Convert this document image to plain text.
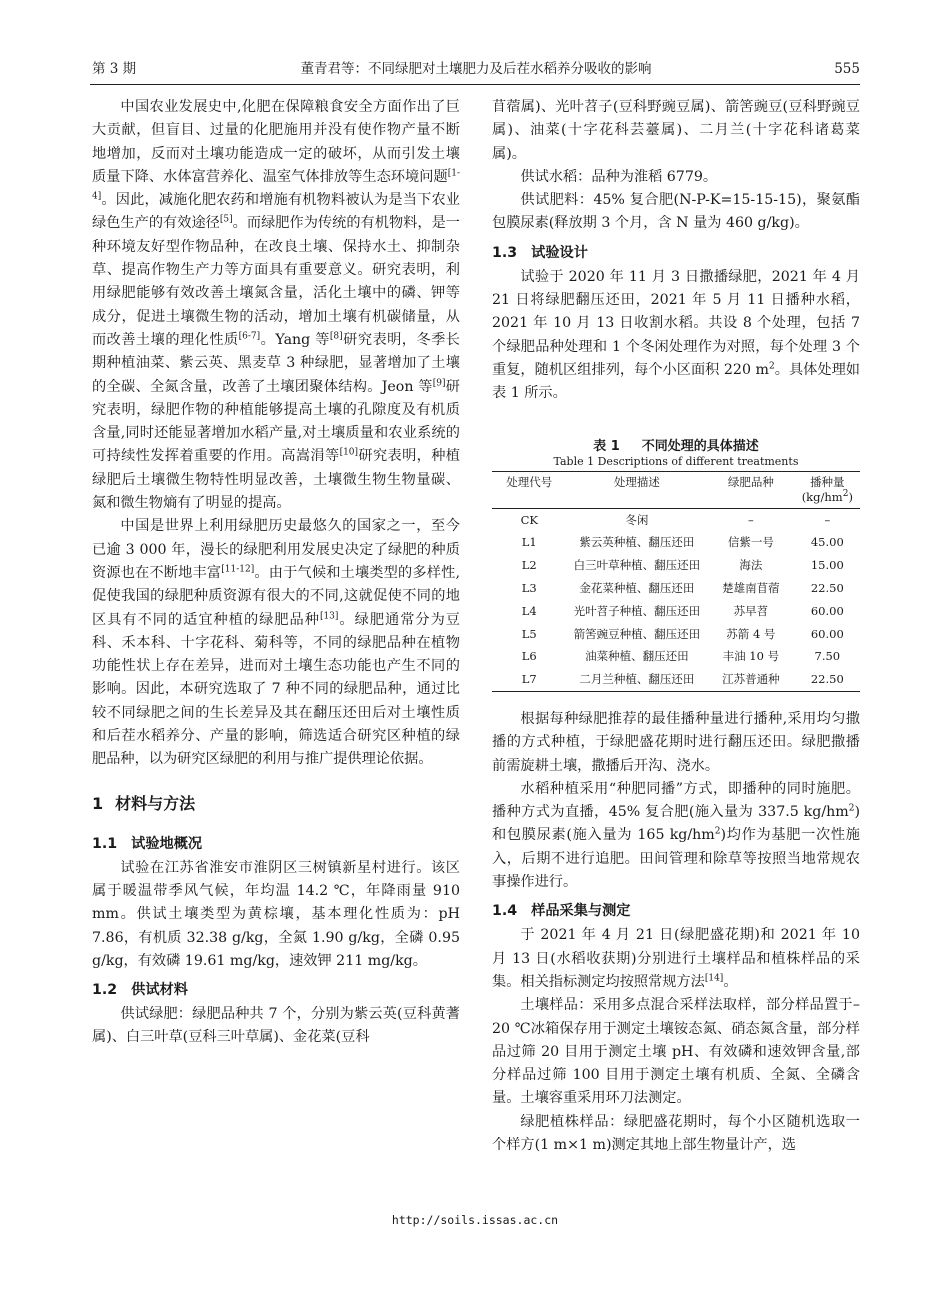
第 3 期	董青君等：不同绿肥对土壤肥力及后茬水稻养分吸收的影响	555

中国农业发展史中,化肥在保障粮食安全方面作出了巨大贡献，但盲目、过量的化肥施用并没有使作物产量不断地增加，反而对土壤功能造成一定的破坏，从而引发土壤质量下降、水体富营养化、温室气体排放等生态环境问题[1-4]。因此，减施化肥农药和增施有机物料被认为是当下农业绿色生产的有效途径[5]。而绿肥作为传统的有机物料，是一种环境友好型作物品种，在改良土壤、保持水土、抑制杂草、提高作物生产力等方面具有重要意义。研究表明，利用绿肥能够有效改善土壤氮含量，活化土壤中的磷、钾等成分，促进土壤微生物的活动，增加土壤有机碳储量，从而改善土壤的理化性质[6-7]。Yang 等[8]研究表明，冬季长期种植油菜、紫云英、黑麦草 3 种绿肥，显著增加了土壤的全碳、全氮含量，改善了土壤团聚体结构。Jeon 等[9]研究表明，绿肥作物的种植能够提高土壤的孔隙度及有机质含量,同时还能显著增加水稻产量,对土壤质量和农业系统的可持续性发挥着重要的作用。高嵩涓等[10]研究表明，种植绿肥后土壤微生物特性明显改善，土壤微生物生物量碳、氮和微生物熵有了明显的提高。

中国是世界上利用绿肥历史最悠久的国家之一，至今已逾 3 000 年，漫长的绿肥利用发展史决定了绿肥的种质资源也在不断地丰富[11-12]。由于气候和土壤类型的多样性,促使我国的绿肥种质资源有很大的不同,这就促使不同的地区具有不同的适宜种植的绿肥品种[13]。绿肥通常分为豆科、禾本科、十字花科、菊科等，不同的绿肥品种在植物功能性状上存在差异，进而对土壤生态功能也产生不同的影响。因此，本研究选取了 7 种不同的绿肥品种，通过比较不同绿肥之间的生长差异及其在翻压还田后对土壤性质和后茬水稻养分、产量的影响，筛选适合研究区种植的绿肥品种，以为研究区绿肥的利用与推广提供理论依据。

1 材料与方法
1.1 试验地概况

试验在江苏省淮安市淮阴区三树镇新星村进行。该区属于暖温带季风气候，年均温 14.2 ℃，年降雨量 910 mm。供试土壤类型为黄棕壤，基本理化性质为：pH 7.86，有机质 32.38 g/kg，全氮 1.90 g/kg，全磷 0.95 g/kg，有效磷 19.61 mg/kg，速效钾 211 mg/kg。

1.2 供试材料

供试绿肥：绿肥品种共 7 个，分别为紫云英(豆科黄蓍属)、白三叶草(豆科三叶草属)、金花菜(豆科

苜蓿属)、光叶苕子(豆科野豌豆属)、箭筈豌豆(豆科野豌豆属)、油菜(十字花科芸薹属)、二月兰(十字花科诸葛菜属)。

供试水稻：品种为淮稻 6779。

供试肥料：45% 复合肥(N-P-K=15-15-15)，聚氨酯包膜尿素(释放期 3 个月，含 N 量为 460 g/kg)。

1.3 试验设计

试验于 2020 年 11 月 3 日撒播绿肥，2021 年 4 月 21 日将绿肥翻压还田，2021 年 5 月 11 日播种水稻，2021 年 10 月 13 日收割水稻。共设 8 个处理，包括 7 个绿肥品种处理和 1 个冬闲处理作为对照，每个处理 3 个重复，随机区组排列，每个小区面积 220 $m^2$。具体处理如表 1 所示。

表 1 不同处理的具体描述
Table 1 Descriptions of different treatments
处理代号	处理描述	绿肥品种	播种量
$(kg/hm^2)$
CK	冬闲	–	–
L1	紫云英种植、翻压还田	信紫一号	45.00
L2	白三叶草种植、翻压还田	海法	15.00
L3	金花菜种植、翻压还田	楚雄南苜蓿	22.50
L4	光叶苕子种植、翻压还田	苏早苕	60.00
L5	箭筈豌豆种植、翻压还田	苏箭 4 号	60.00
L6	油菜种植、翻压还田	丰油 10 号	7.50
L7	二月兰种植、翻压还田	江苏普通种	22.50

根据每种绿肥推荐的最佳播种量进行播种,采用均匀撒播的方式种植，于绿肥盛花期时进行翻压还田。绿肥撒播前需旋耕土壤，撒播后开沟、浇水。

水稻种植采用“种肥同播”方式，即播种的同时施肥。播种方式为直播，45% 复合肥(施入量为 337.5 $kg/hm^2$)和包膜尿素(施入量为 165 $kg/hm^2$)均作为基肥一次性施入，后期不进行追肥。田间管理和除草等按照当地常规农事操作进行。

1.4 样品采集与测定

于 2021 年 4 月 21 日(绿肥盛花期)和 2021 年 10 月 13 日(水稻收获期)分别进行土壤样品和植株样品的采集。相关指标测定均按照常规方法[14]。

土壤样品：采用多点混合采样法取样，部分样品置于–20 ℃冰箱保存用于测定土壤铵态氮、硝态氮含量，部分样品过筛 20 目用于测定土壤 pH、有效磷和速效钾含量,部分样品过筛 100 目用于测定土壤有机质、全氮、全磷含量。土壤容重采用环刀法测定。

绿肥植株样品：绿肥盛花期时，每个小区随机选取一个样方(1 m×1 m)测定其地上部生物量计产，选

http://soils.issas.ac.cn
